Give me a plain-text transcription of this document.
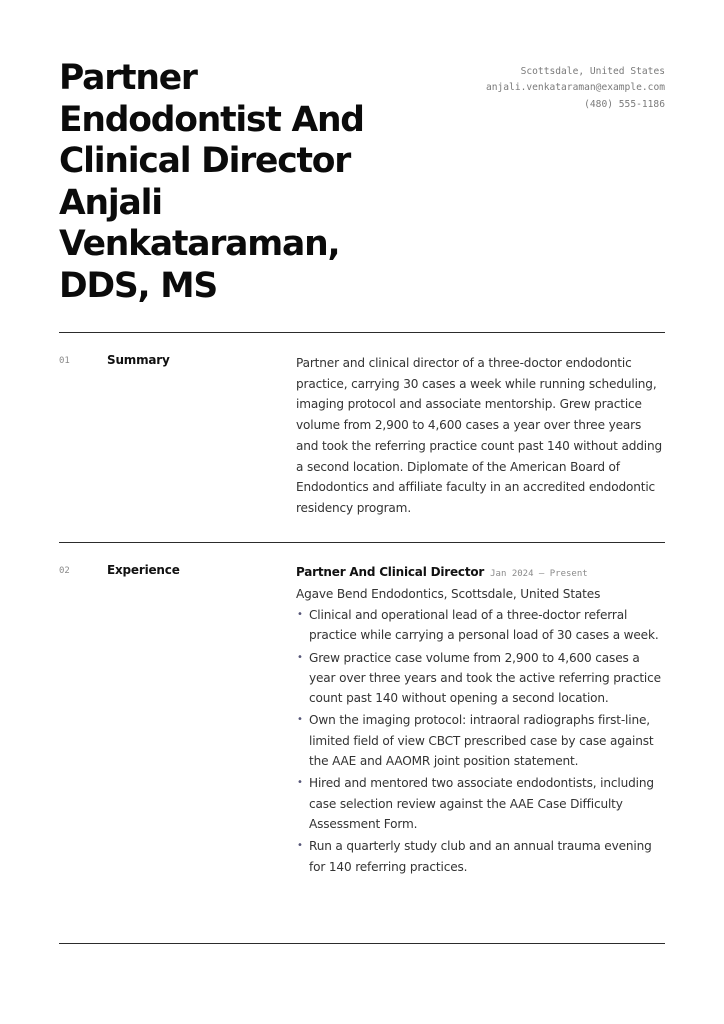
Partner Endodontist And Clinical Director Anjali Venkataraman, DDS, MS
Scottsdale, United States
anjali.venkataraman@example.com
(480) 555-1186
01	Summary	Partner and clinical director of a three-doctor endodontic practice, carrying 30 cases a week while running scheduling, imaging protocol and associate mentorship. Grew practice volume from 2,900 to 4,600 cases a year over three years and took the referring practice count past 140 without adding a second location. Diplomate of the American Board of Endodontics and affiliate faculty in an accredited endodontic residency program.

02	Experience	Partner And Clinical Director Jan 2024 – Present
Agave Bend Endodontics, Scottsdale, United States
• Clinical and operational lead of a three-doctor referral practice while carrying a personal load of 30 cases a week.
• Grew practice case volume from 2,900 to 4,600 cases a year over three years and took the active referring practice count past 140 without opening a second location.
• Own the imaging protocol: intraoral radiographs first-line, limited field of view CBCT prescribed case by case against the AAE and AAOMR joint position statement.
• Hired and mentored two associate endodontists, including case selection review against the AAE Case Difficulty Assessment Form.
• Run a quarterly study club and an annual trauma evening for 140 referring practices.
